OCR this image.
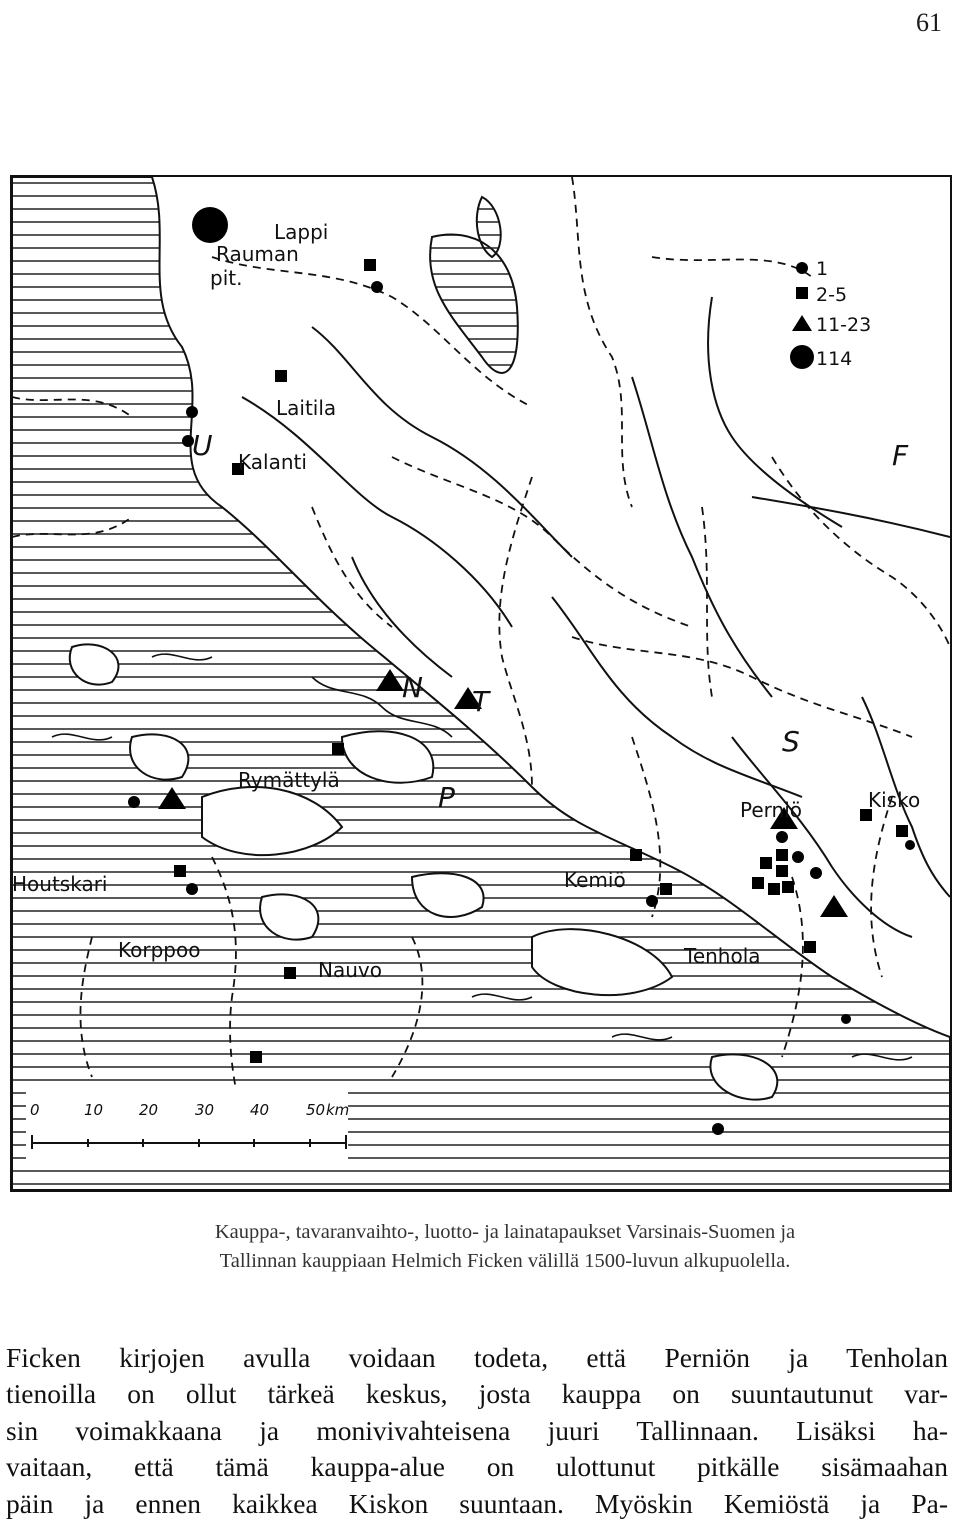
61
Lappi
Rauman
pit.
Laitila
Kalanti
U	F
N T
P
Rymättylä
S
Perniö	Kisko
Houtskari	Kemiö
Korppoo
Nauvo
Tenhola
1
2-5
11-23
114
0	10 20 30 40 50 km
Kauppa-, tavaranvaihto-, luotto- ja lainatapaukset Varsinais-Suomen ja
Tallinnan kauppiaan Helmich Ficken välillä 1500-luvun alkupuolella.
Ficken kirjojen avulla voidaan todeta, että Perniön ja Tenholan
tienoilla on ollut tärkeä keskus, josta kauppa on suuntautunut var-
sin voimakkaana ja monivivahteisena juuri Tallinnaan. Lisäksi ha-
vaitaan, että tämä kauppa-alue on ulottunut pitkälle sisämaahan
päin ja ennen kaikkea Kiskon suuntaan. Myöskin Kemiöstä ja Pa-
